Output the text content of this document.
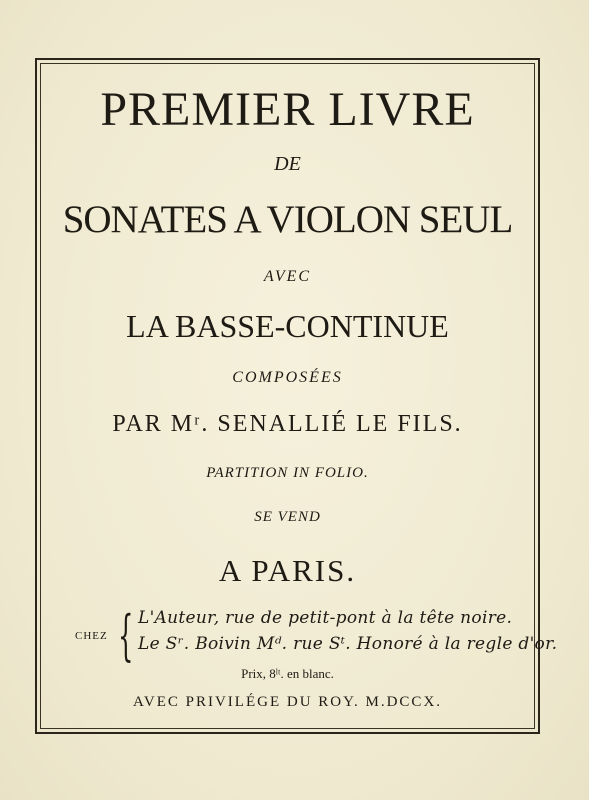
PREMIER LIVRE
DE
SONATES A VIOLON SEUL
AVEC
LA BASSE-CONTINUE
COMPOSÉES
PAR Mʳ. SENALLIÉ LE FILS.
PARTITION IN FOLIO.
SE VEND
A PARIS.
CHEZ { L'Auteur, rue de petit-pont à la tête noire.
Le Sʳ. Boivin Mᵈ. rue Sᵗ. Honoré à la regle d'or.
Prix, 8ˡᵗ. en blanc.
AVEC PRIVILÉGE DU ROY. M.DCCX.
